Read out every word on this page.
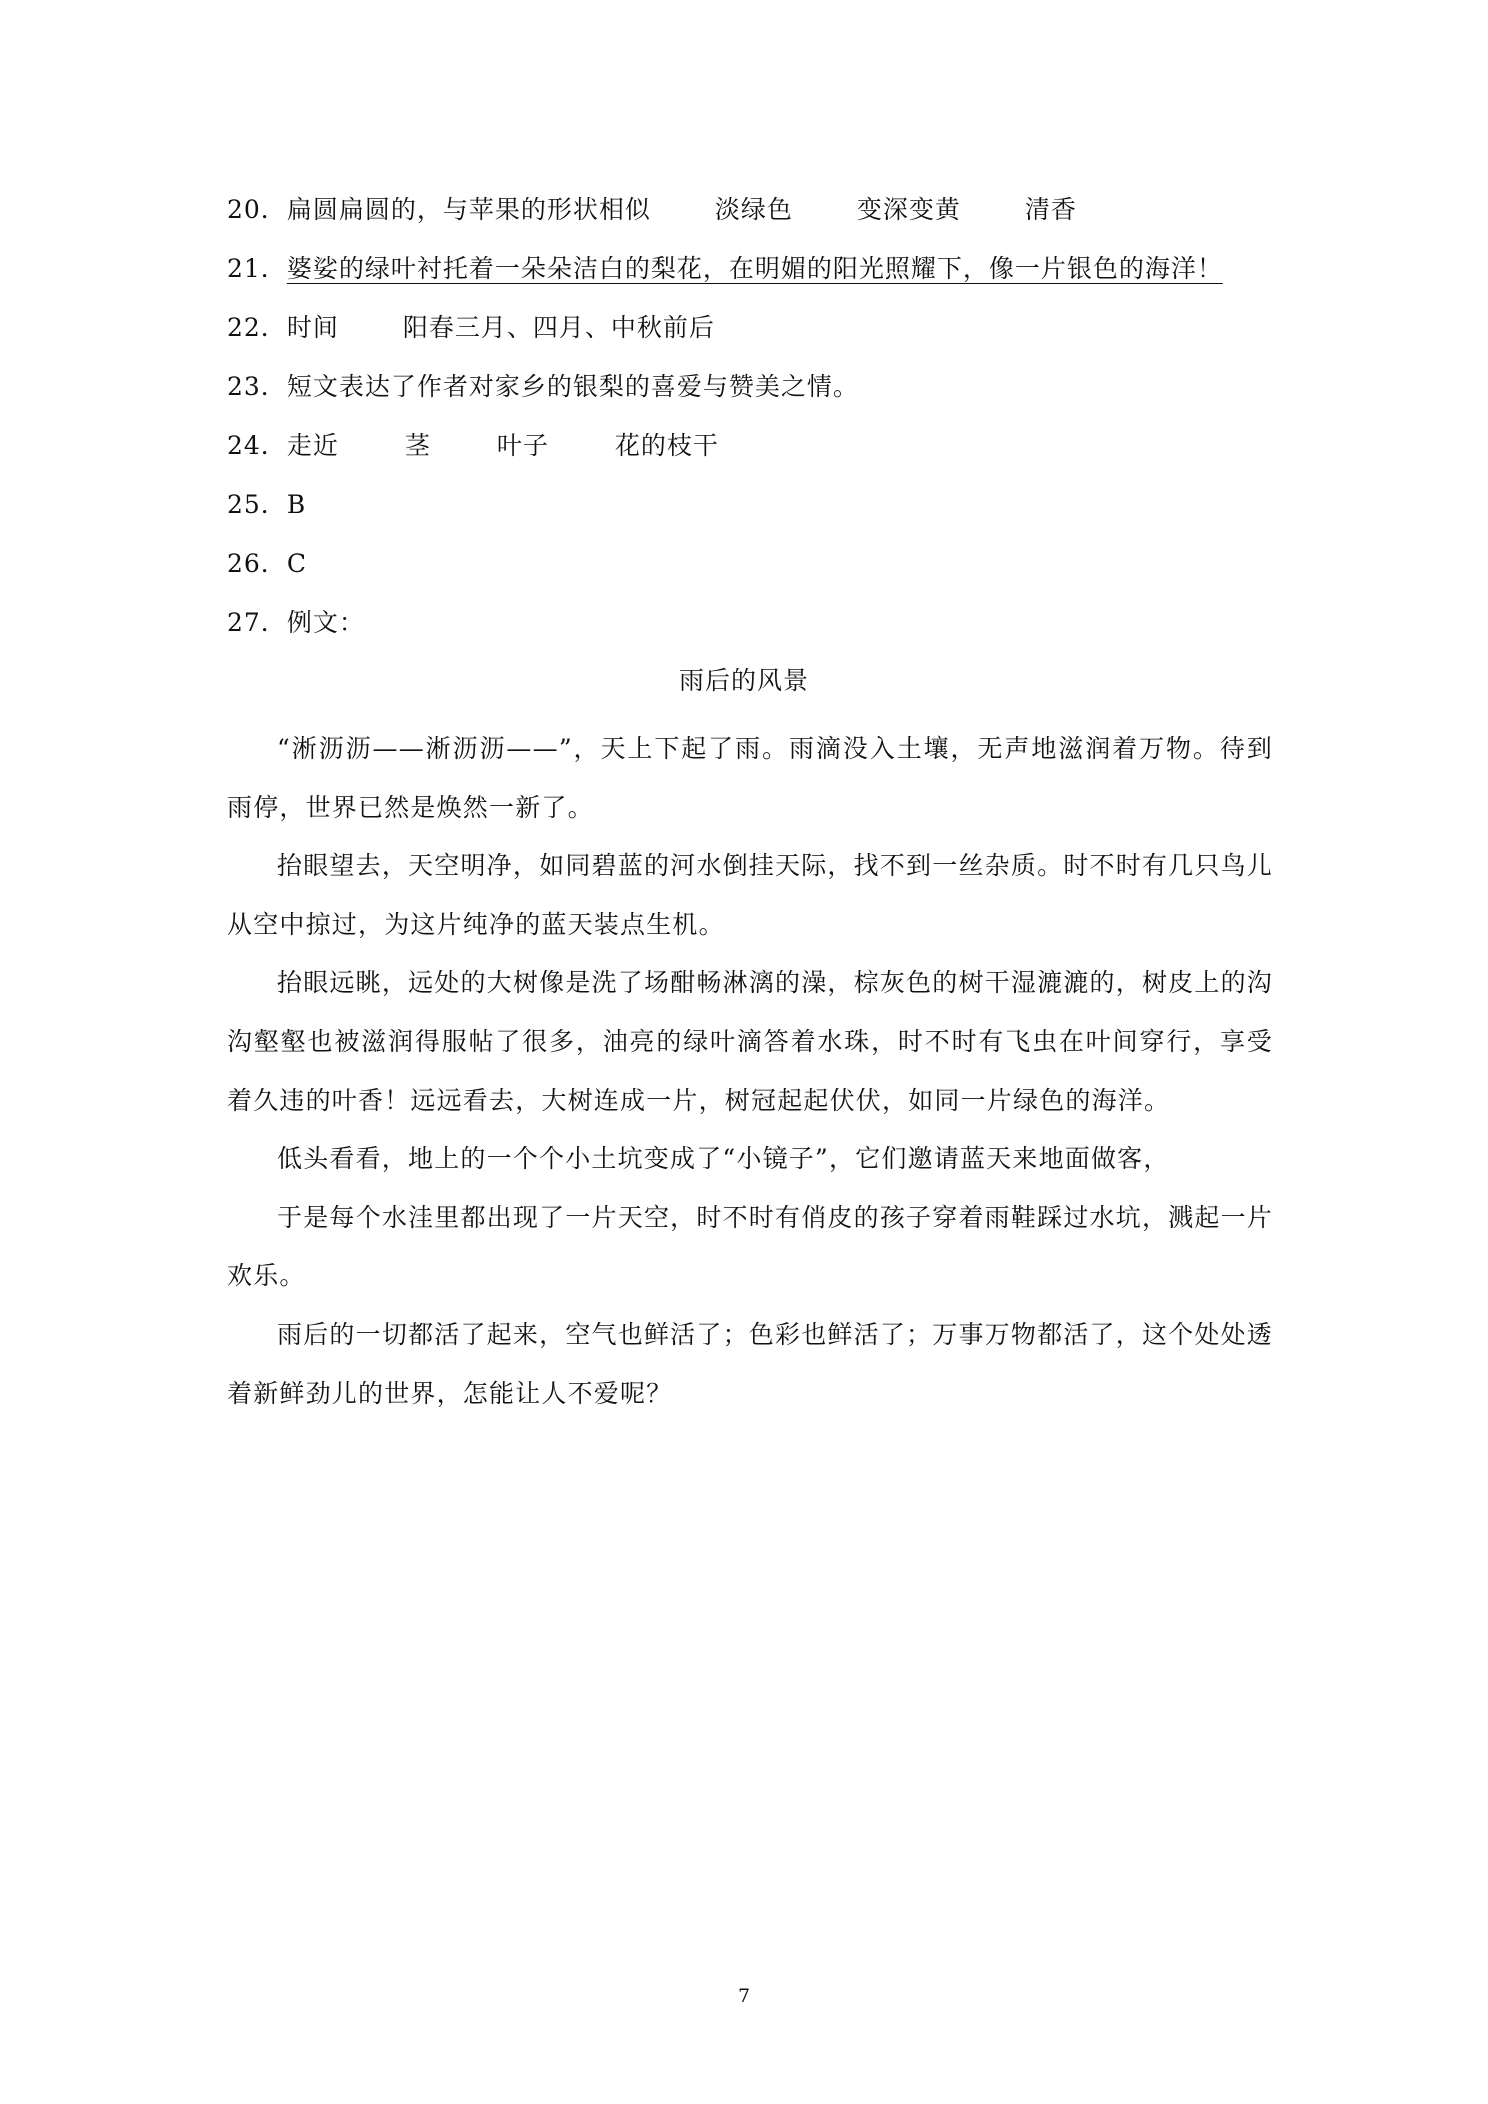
20．扁圆扁圆的，与苹果的形状相似	淡绿色	变深变黄	清香
21．婆娑的绿叶衬托着一朵朵洁白的梨花，在明媚的阳光照耀下，像一片银色的海洋！
22．时间	阳春三月、四月、中秋前后
23．短文表达了作者对家乡的银梨的喜爱与赞美之情。
24．走近	茎	叶子	花的枝干
25．B
26．C
27．例文：
雨后的风景

“淅沥沥——淅沥沥——”，天上下起了雨。雨滴没入土壤，无声地滋润着万物。待到雨停，世界已然是焕然一新了。

抬眼望去，天空明净，如同碧蓝的河水倒挂天际，找不到一丝杂质。时不时有几只鸟儿从空中掠过，为这片纯净的蓝天装点生机。

抬眼远眺，远处的大树像是洗了场酣畅淋漓的澡，棕灰色的树干湿漉漉的，树皮上的沟沟壑壑也被滋润得服帖了很多，油亮的绿叶滴答着水珠，时不时有飞虫在叶间穿行，享受着久违的叶香！远远看去，大树连成一片，树冠起起伏伏，如同一片绿色的海洋。

低头看看，地上的一个个小土坑变成了“小镜子”，它们邀请蓝天来地面做客，

于是每个水洼里都出现了一片天空，时不时有俏皮的孩子穿着雨鞋踩过水坑，溅起一片欢乐。

雨后的一切都活了起来，空气也鲜活了；色彩也鲜活了；万事万物都活了，这个处处透着新鲜劲儿的世界，怎能让人不爱呢？

7
